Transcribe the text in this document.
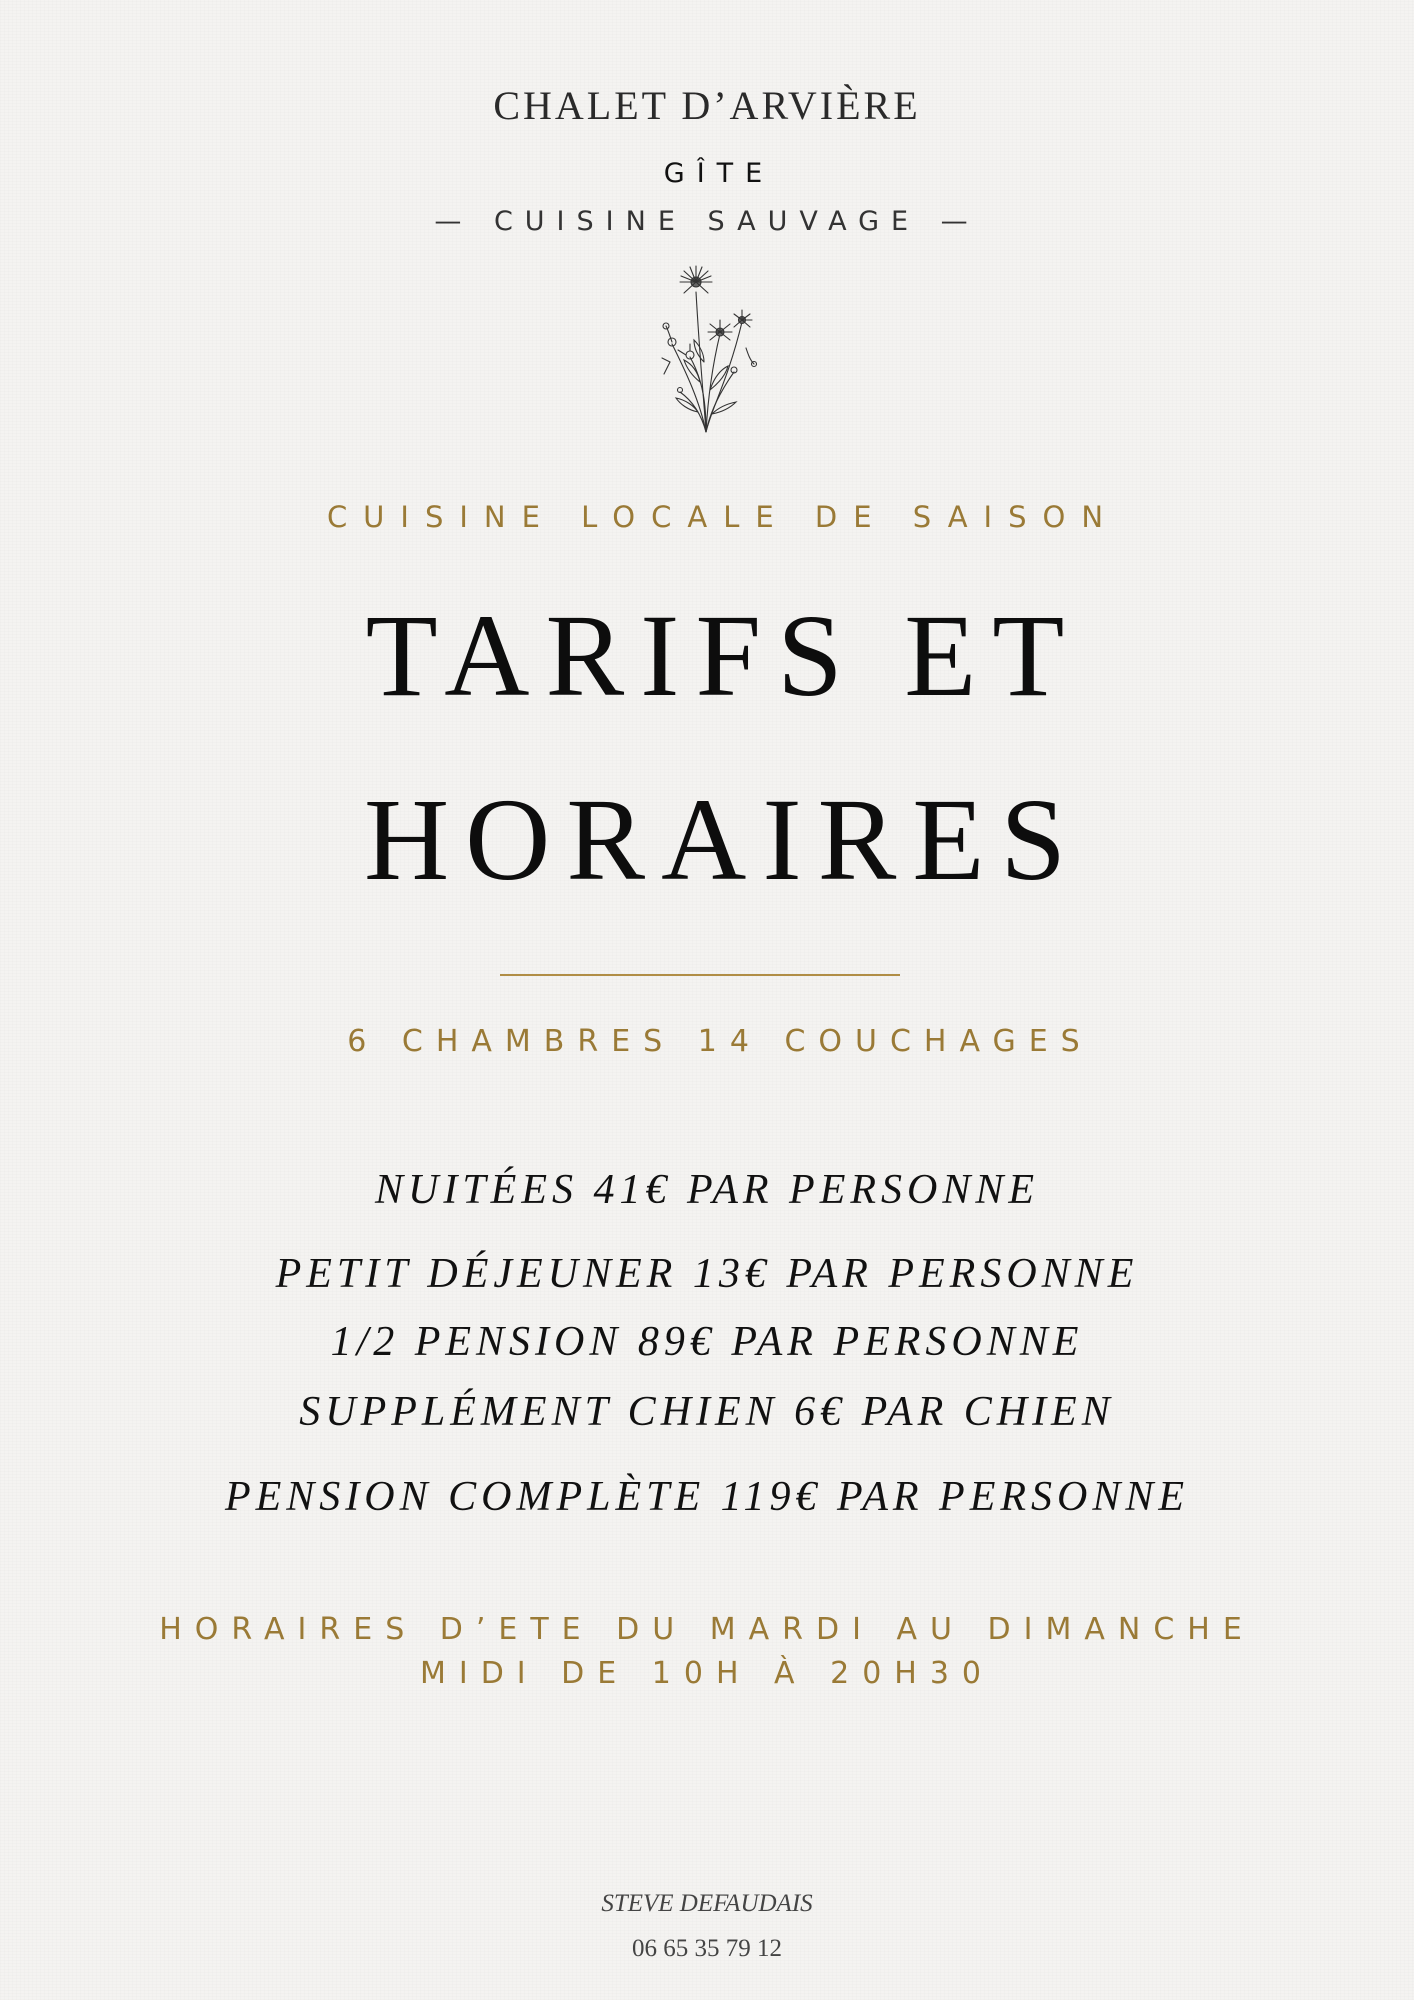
CHALET D’ARVIÈRE
GÎTE
— CUISINE SAUVAGE —
CUISINE LOCALE DE SAISON
TARIFS ET
HORAIRES
6 CHAMBRES 14 COUCHAGES
NUITÉES 41€ PAR PERSONNE
PETIT DÉJEUNER 13€ PAR PERSONNE
1/2 PENSION 89€ PAR PERSONNE
SUPPLÉMENT CHIEN 6€ PAR CHIEN
PENSION COMPLÈTE 119€ PAR PERSONNE
HORAIRES D’ETE DU MARDI AU DIMANCHE
MIDI DE 10H À 20H30
STEVE DEFAUDAIS
06 65 35 79 12
